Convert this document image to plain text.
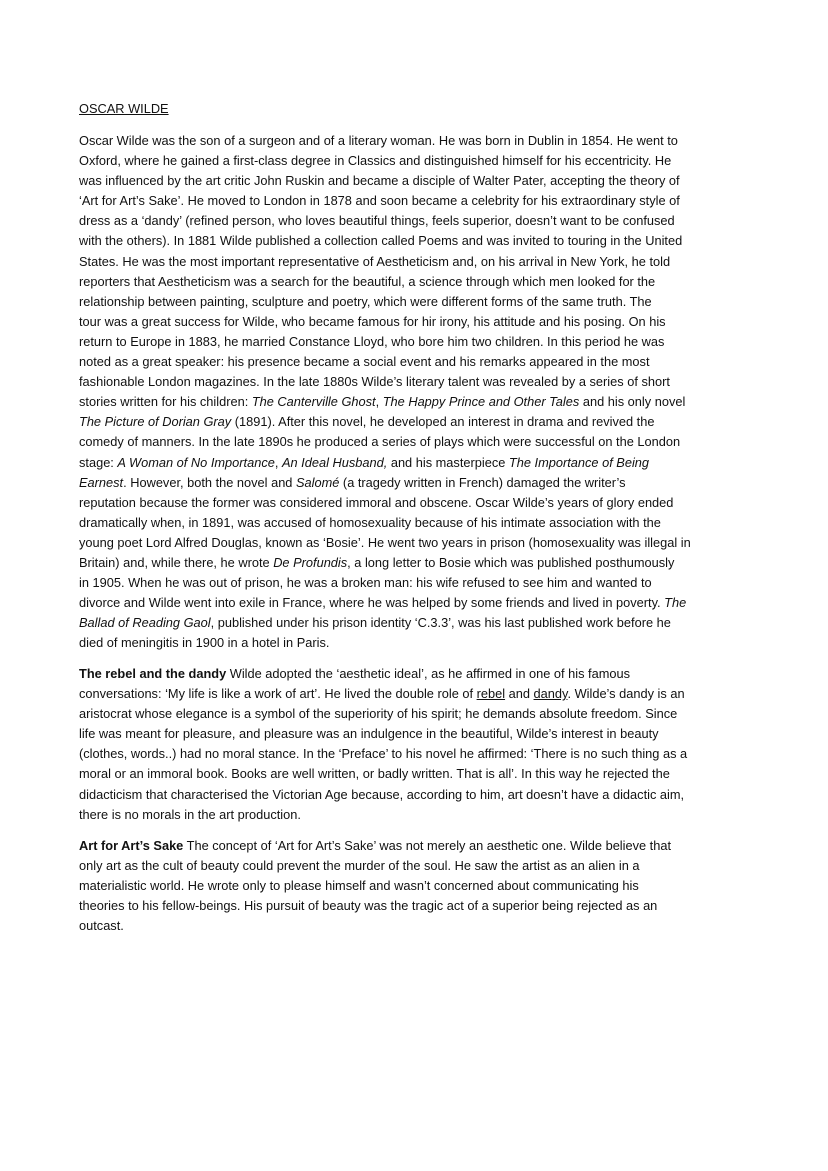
OSCAR WILDE
Oscar Wilde was the son of a surgeon and of a literary woman. He was born in Dublin in 1854. He went to
Oxford, where he gained a first-class degree in Classics and distinguished himself for his eccentricity. He
was influenced by the art critic John Ruskin and became a disciple of Walter Pater, accepting the theory of
‘Art for Art’s Sake’. He moved to London in 1878 and soon became a celebrity for his extraordinary style of
dress as a ‘dandy’ (refined person, who loves beautiful things, feels superior, doesn’t want to be confused
with the others). In 1881 Wilde published a collection called Poems and was invited to touring in the United
States. He was the most important representative of Aestheticism and, on his arrival in New York, he told
reporters that Aestheticism was a search for the beautiful, a science through which men looked for the
relationship between painting, sculpture and poetry, which were different forms of the same truth. The
tour was a great success for Wilde, who became famous for hir irony, his attitude and his posing. On his
return to Europe in 1883, he married Constance Lloyd, who bore him two children. In this period he was
noted as a great speaker: his presence became a social event and his remarks appeared in the most
fashionable London magazines. In the late 1880s Wilde’s literary talent was revealed by a series of short
stories written for his children: The Canterville Ghost, The Happy Prince and Other Tales and his only novel
The Picture of Dorian Gray (1891). After this novel, he developed an interest in drama and revived the
comedy of manners. In the late 1890s he produced a series of plays which were successful on the London
stage: A Woman of No Importance, An Ideal Husband, and his masterpiece The Importance of Being
Earnest. However, both the novel and Salomé (a tragedy written in French) damaged the writer’s
reputation because the former was considered immoral and obscene. Oscar Wilde’s years of glory ended
dramatically when, in 1891, was accused of homosexuality because of his intimate association with the
young poet Lord Alfred Douglas, known as ‘Bosie’. He went two years in prison (homosexuality was illegal in
Britain) and, while there, he wrote De Profundis, a long letter to Bosie which was published posthumously
in 1905. When he was out of prison, he was a broken man: his wife refused to see him and wanted to
divorce and Wilde went into exile in France, where he was helped by some friends and lived in poverty. The
Ballad of Reading Gaol, published under his prison identity ‘C.3.3’, was his last published work before he
died of meningitis in 1900 in a hotel in Paris.
The rebel and the dandy Wilde adopted the ‘aesthetic ideal’, as he affirmed in one of his famous
conversations: ‘My life is like a work of art’. He lived the double role of rebel and dandy. Wilde’s dandy is an
aristocrat whose elegance is a symbol of the superiority of his spirit; he demands absolute freedom. Since
life was meant for pleasure, and pleasure was an indulgence in the beautiful, Wilde’s interest in beauty
(clothes, words..) had no moral stance. In the ‘Preface’ to his novel he affirmed: ‘There is no such thing as a
moral or an immoral book. Books are well written, or badly written. That is all’. In this way he rejected the
didacticism that characterised the Victorian Age because, according to him, art doesn’t have a didactic aim,
there is no morals in the art production.
Art for Art’s Sake The concept of ‘Art for Art’s Sake’ was not merely an aesthetic one. Wilde believe that
only art as the cult of beauty could prevent the murder of the soul. He saw the artist as an alien in a
materialistic world. He wrote only to please himself and wasn’t concerned about communicating his
theories to his fellow-beings. His pursuit of beauty was the tragic act of a superior being rejected as an
outcast.
